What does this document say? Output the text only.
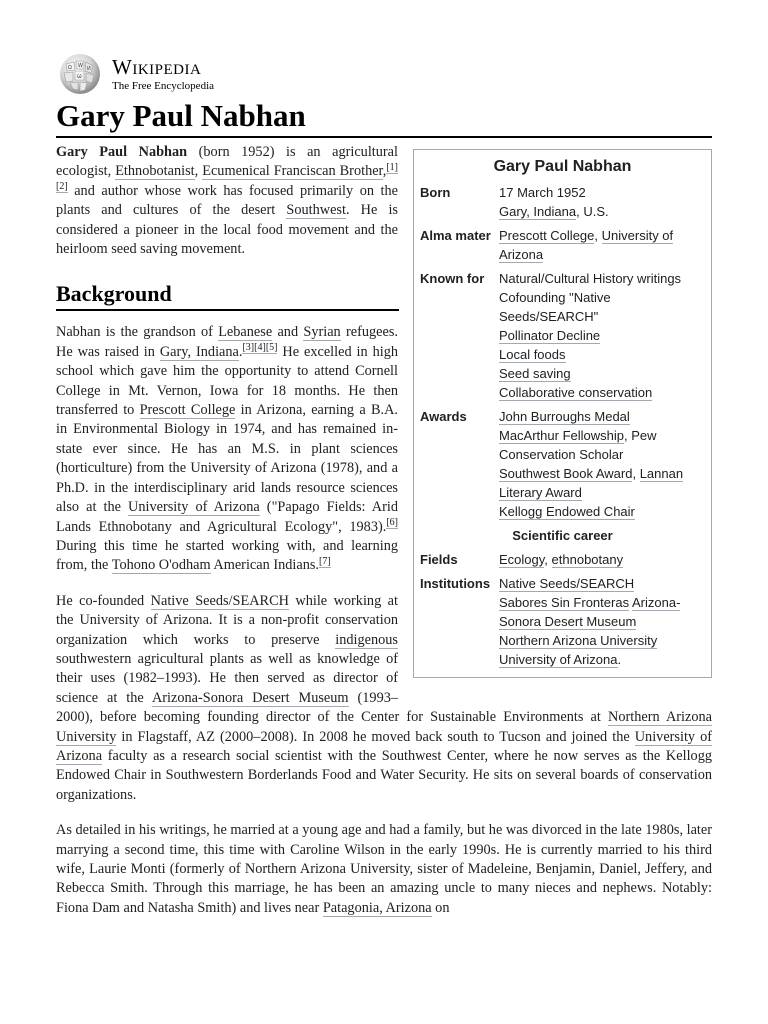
Ω W И
Ѡ Wikipedia
The Free Encyclopedia
Gary Paul Nabhan
Gary Paul Nabhan
Born	17 March 1952
Gary, Indiana, U.S.
Alma mater Prescott College, University of Arizona
Known for	Natural/Cultural History writings
Cofounding "Native Seeds/SEARCH"
Pollinator Decline
Local foods
Seed saving
Collaborative conservation
Awards	John Burroughs Medal
MacArthur Fellowship, Pew Conservation Scholar
Southwest Book Award, Lannan Literary Award
Kellogg Endowed Chair
Scientific career
Fields	Ecology, ethnobotany
Institutions Native Seeds/SEARCH
Sabores Sin Fronteras Arizona-Sonora Desert Museum
Northern Arizona University
University of Arizona.

Gary Paul Nabhan (born 1952) is an agricultural ecologist, Ethnobotanist, Ecumenical Franciscan Brother,[1][2] and author whose work has focused primarily on the plants and cultures of the desert Southwest. He is considered a pioneer in the local food movement and the heirloom seed saving movement.

Background

Nabhan is the grandson of Lebanese and Syrian refugees. He was raised in Gary, Indiana.[3][4][5] He excelled in high school which gave him the opportunity to attend Cornell College in Mt. Vernon, Iowa for 18 months. He then transferred to Prescott College in Arizona, earning a B.A. in Environmental Biology in 1974, and has remained in-state ever since. He has an M.S. in plant sciences (horticulture) from the University of Arizona (1978), and a Ph.D. in the interdisciplinary arid lands resource sciences also at the University of Arizona ("Papago Fields: Arid Lands Ethnobotany and Agricultural Ecology", 1983).[6] During this time he started working with, and learning from, the Tohono O'odham American Indians.[7]

He co-founded Native Seeds/SEARCH while working at the University of Arizona. It is a non-profit conservation organization which works to preserve indigenous southwestern agricultural plants as well as knowledge of their uses (1982–1993). He then served as director of science at the Arizona-Sonora Desert Museum (1993–2000), before becoming founding director of the Center for Sustainable Environments at Northern Arizona University in Flagstaff, AZ (2000–2008). In 2008 he moved back south to Tucson and joined the University of Arizona faculty as a research social scientist with the Southwest Center, where he now serves as the Kellogg Endowed Chair in Southwestern Borderlands Food and Water Security. He sits on several boards of conservation organizations.

As detailed in his writings, he married at a young age and had a family, but he was divorced in the late 1980s, later marrying a second time, this time with Caroline Wilson in the early 1990s. He is currently married to his third wife, Laurie Monti (formerly of Northern Arizona University, sister of Madeleine, Benjamin, Daniel, Jeffery, and Rebecca Smith. Through this marriage, he has been an amazing uncle to many nieces and nephews. Notably: Fiona Dam and Natasha Smith) and lives near Patagonia, Arizona on
